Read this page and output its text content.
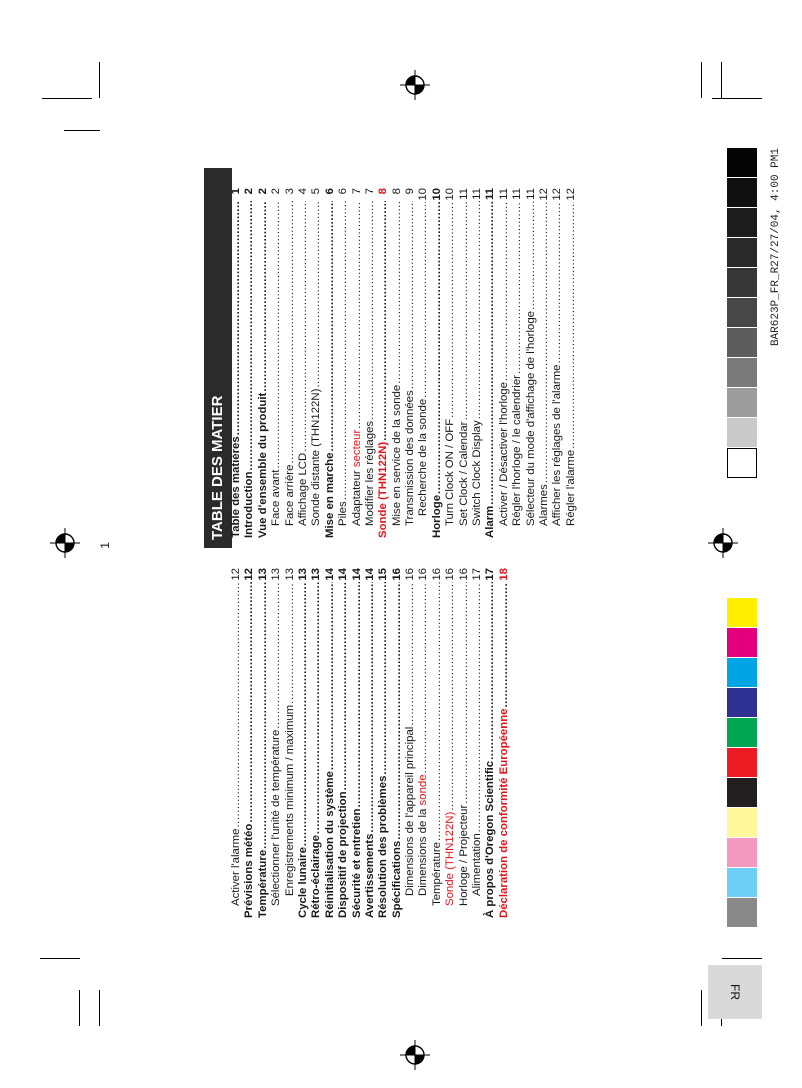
FR
TABLE DES MATIER Table des matières
.....
1
Introduction
.....
2
Vue d'ensemble du produit
.....
2
Face avant
.....
2
Face arrière
.....
3
Affichage LCD
.....
4
Sonde distante (THN122N)
.....
5
Mise en marche
.....
6
Piles
.....
6
Adaptateur secteur
.....
7
Modifier les réglages
.....
7
Sonde (THN122N)
.....
8
Mise en service de la sonde
.....
8
Transmission des données
.....
9
Recherche de la sonde
.....
10
Horloge
.....
10
Turn Clock ON / OFF
.....
10
Set Clock / Calendar
.....
11
Switch Clock Display
.....
11
Alarm
.....
11
Activer / Désactiver l'horloge
.....
11
Régler l'horloge / le calendrier
.....
11
Sélecteur du mode d'affichage de l'horloge
.....
11
Alarmes
.....
12
Afficher les réglages de l'alarme
.....
12
Régler l'alarme
.....
12
Activer l'alarme
.....
12
Prévisions météo
.....
12
Température
.....
13
Sélectionner l'unité de température
.....
13
Enregistrements minimum / maximum
.....
13
Cycle lunaire
.....
13
Rétro-éclairage
.....
13
Réinitialisation du système
.....
14
Dispositif de projection
.....
14
Sécurité et entretien
.....
14
Avertissements
.....
14
Résolution des problèmes
.....
15
Spécifications
.....
16
Dimensions de l'appareil principal
.....
16
Dimensions de la sonde
.....
16
Température
.....
16
Sonde (THN122N)
.....
16
Horloge / Projecteur
.....
16
Alimentation
.....
17
À propos d'Oregon Scientific
.....
17
Déclaration de conformité Européenne
.....
18
BAR623P_FR_R27/27/04, 4:00 PM1
1
